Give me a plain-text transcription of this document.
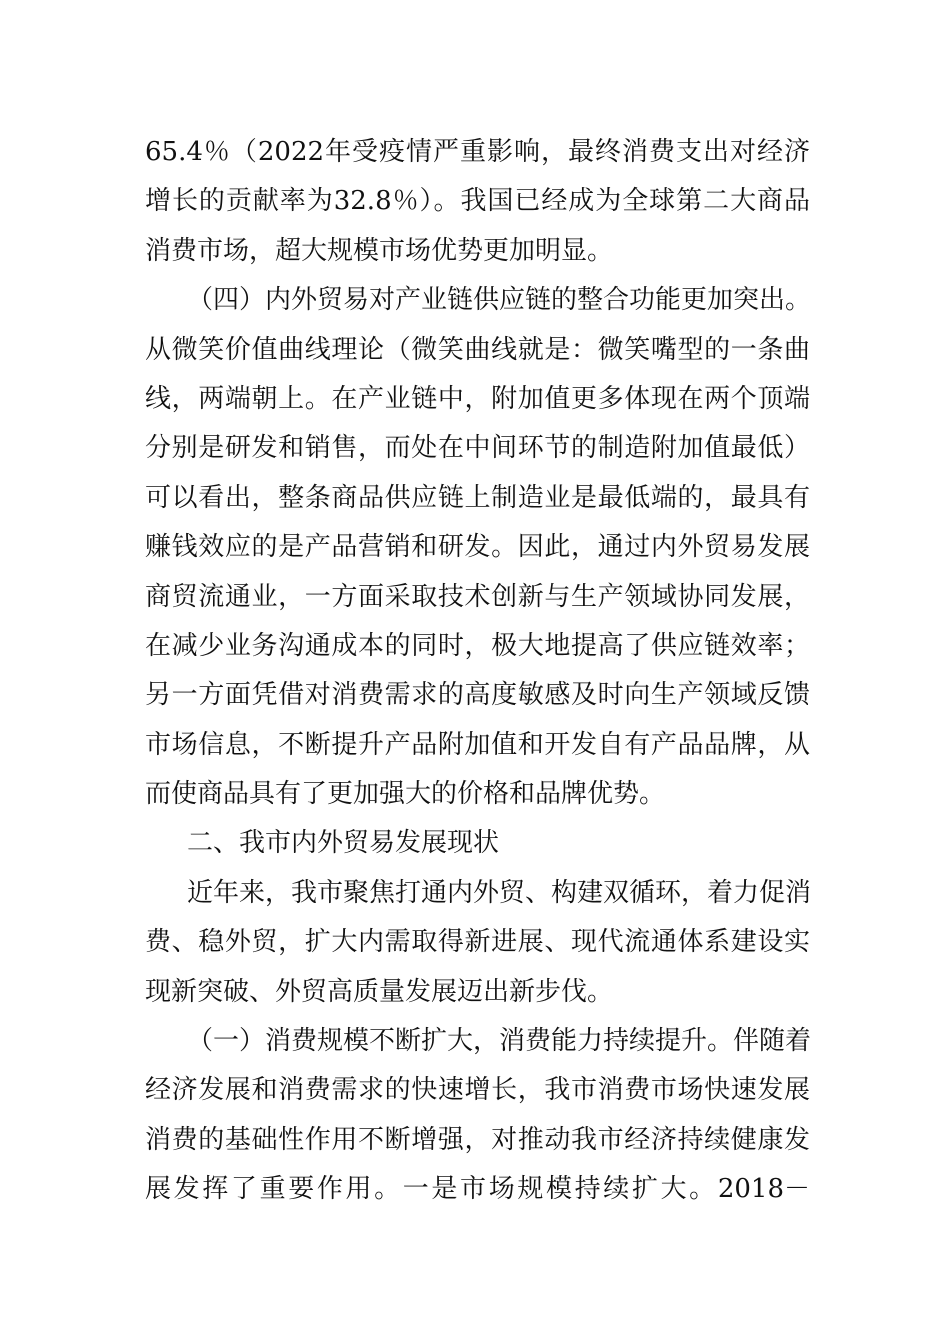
65.4％（2022年受疫情严重影响，最终消费支出对经济
增长的贡献率为32.8％）。我国已经成为全球第二大商品
消费市场，超大规模市场优势更加明显。
（四）内外贸易对产业链供应链的整合功能更加突出。
从微笑价值曲线理论（微笑曲线就是：微笑嘴型的一条曲
线，两端朝上。在产业链中，附加值更多体现在两个顶端
分别是研发和销售，而处在中间环节的制造附加值最低）
可以看出，整条商品供应链上制造业是最低端的，最具有
赚钱效应的是产品营销和研发。因此，通过内外贸易发展
商贸流通业，一方面采取技术创新与生产领域协同发展，
在减少业务沟通成本的同时，极大地提高了供应链效率；
另一方面凭借对消费需求的高度敏感及时向生产领域反馈
市场信息，不断提升产品附加值和开发自有产品品牌，从
而使商品具有了更加强大的价格和品牌优势。
二、我市内外贸易发展现状
近年来，我市聚焦打通内外贸、构建双循环，着力促消
费、稳外贸，扩大内需取得新进展、现代流通体系建设实
现新突破、外贸高质量发展迈出新步伐。
（一）消费规模不断扩大，消费能力持续提升。伴随着
经济发展和消费需求的快速增长，我市消费市场快速发展
消费的基础性作用不断增强，对推动我市经济持续健康发
展发挥了重要作用。一是市场规模持续扩大。2018－
